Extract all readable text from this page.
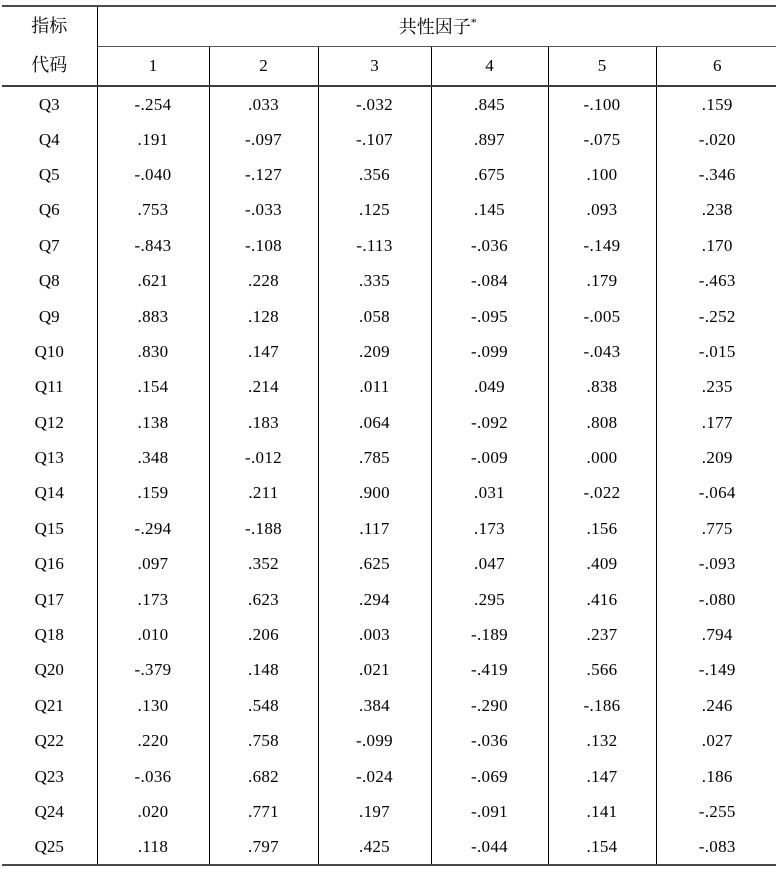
指标
代码	共性因子*
	1	2	3	4	5	6
Q3	-.254	.033	-.032	.845	-.100	.159
Q4	.191	-.097	-.107	.897	-.075	-.020
Q5	-.040	-.127	.356	.675	.100	-.346
Q6	.753	-.033	.125	.145	.093	.238
Q7	-.843	-.108	-.113	-.036	-.149	.170
Q8	.621	.228	.335	-.084	.179	-.463
Q9	.883	.128	.058	-.095	-.005	-.252
Q10	.830	.147	.209	-.099	-.043	-.015
Q11	.154	.214	.011	.049	.838	.235
Q12	.138	.183	.064	-.092	.808	.177
Q13	.348	-.012	.785	-.009	.000	.209
Q14	.159	.211	.900	.031	-.022	-.064
Q15	-.294	-.188	.117	.173	.156	.775
Q16	.097	.352	.625	.047	.409	-.093
Q17	.173	.623	.294	.295	.416	-.080
Q18	.010	.206	.003	-.189	.237	.794
Q20	-.379	.148	.021	-.419	.566	-.149
Q21	.130	.548	.384	-.290	-.186	.246
Q22	.220	.758	-.099	-.036	.132	.027
Q23	-.036	.682	-.024	-.069	.147	.186
Q24	.020	.771	.197	-.091	.141	-.255
Q25	.118	.797	.425	-.044	.154	-.083
